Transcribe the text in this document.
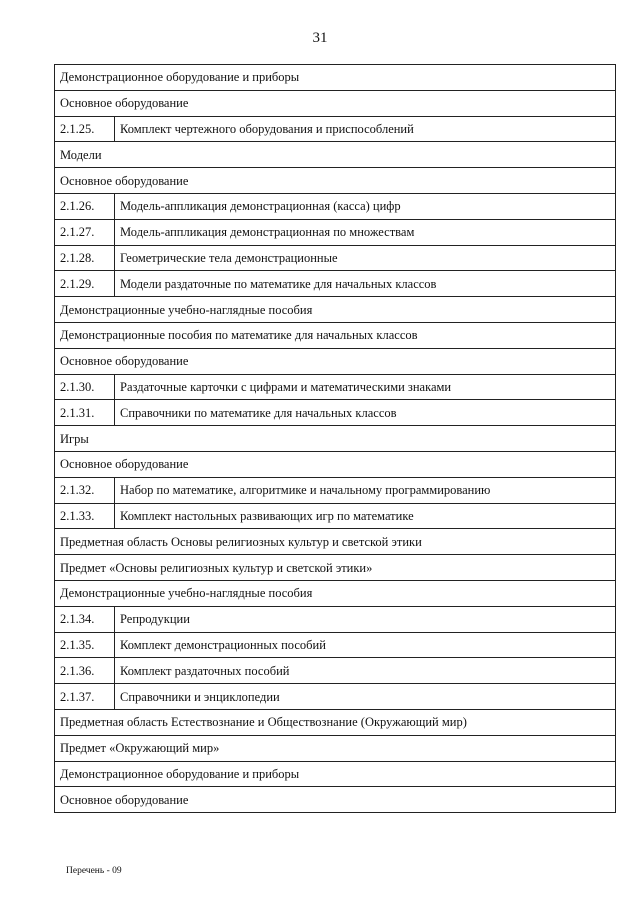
31
Демонстрационное оборудование и приборы	
Основное оборудование	
2.1.25.	Комплект чертежного оборудования и приспособлений
Модели	
Основное оборудование	
2.1.26.	Модель-аппликация демонстрационная (касса) цифр
2.1.27.	Модель-аппликация демонстрационная по множествам
2.1.28.	Геометрические тела демонстрационные
2.1.29.	Модели раздаточные по математике для начальных классов
Демонстрационные учебно-наглядные пособия	
Демонстрационные пособия по математике для начальных классов	
Основное оборудование	
2.1.30.	Раздаточные карточки с цифрами и математическими знаками
2.1.31.	Справочники по математике для начальных классов
Игры	
Основное оборудование	
2.1.32.	Набор по математике, алгоритмике и начальному программированию
2.1.33.	Комплект настольных развивающих игр по математике
Предметная область Основы религиозных культур и светской этики	
Предмет «Основы религиозных культур и светской этики»	
Демонстрационные учебно-наглядные пособия	
2.1.34.	Репродукции
2.1.35.	Комплект демонстрационных пособий
2.1.36.	Комплект раздаточных пособий
2.1.37.	Справочники и энциклопедии
Предметная область Естествознание и Обществознание (Окружающий мир)	
Предмет «Окружающий мир»	
Демонстрационное оборудование и приборы	
Основное оборудование	
Перечень - 09
